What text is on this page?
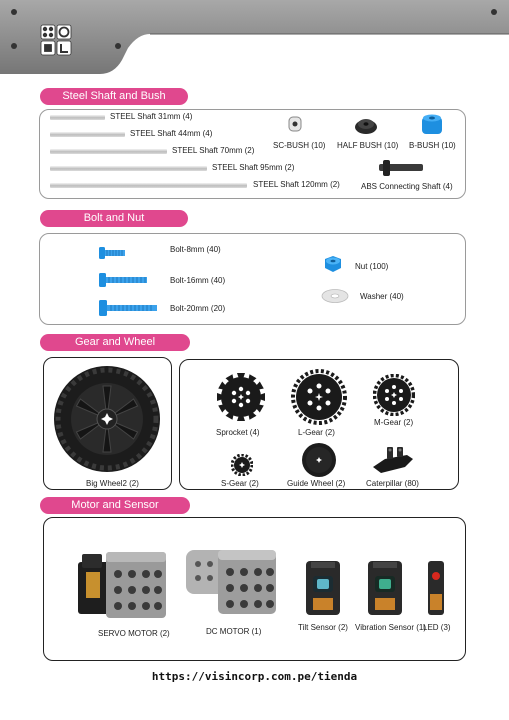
Steel Shaft and Bush
STEEL Shaft 31mm (4)
STEEL Shaft 44mm (4)
STEEL Shaft 70mm (2)
STEEL Shaft 95mm (2)
STEEL Shaft 120mm (2)
SC-BUSH (10) HALF BUSH (10) B-BUSH (10)
ABS Connecting Shaft (4)
Bolt and Nut
Bolt-8mm (40)
Bolt-16mm (40)
Bolt-20mm (20)
Nut (100)
Washer (40)
Gear and Wheel
Big Wheel2 (2)
Sprocket (4)	L-Gear (2)
M-Gear (2)
S-Gear (2)	Guide Wheel (2)	Caterpillar (80)
Motor and Sensor
SERVO MOTOR (2)	DC MOTOR (1)	Tilt Sensor (2) Vibration Sensor (1)
LED (3)
https://visincorp.com.pe/tienda
